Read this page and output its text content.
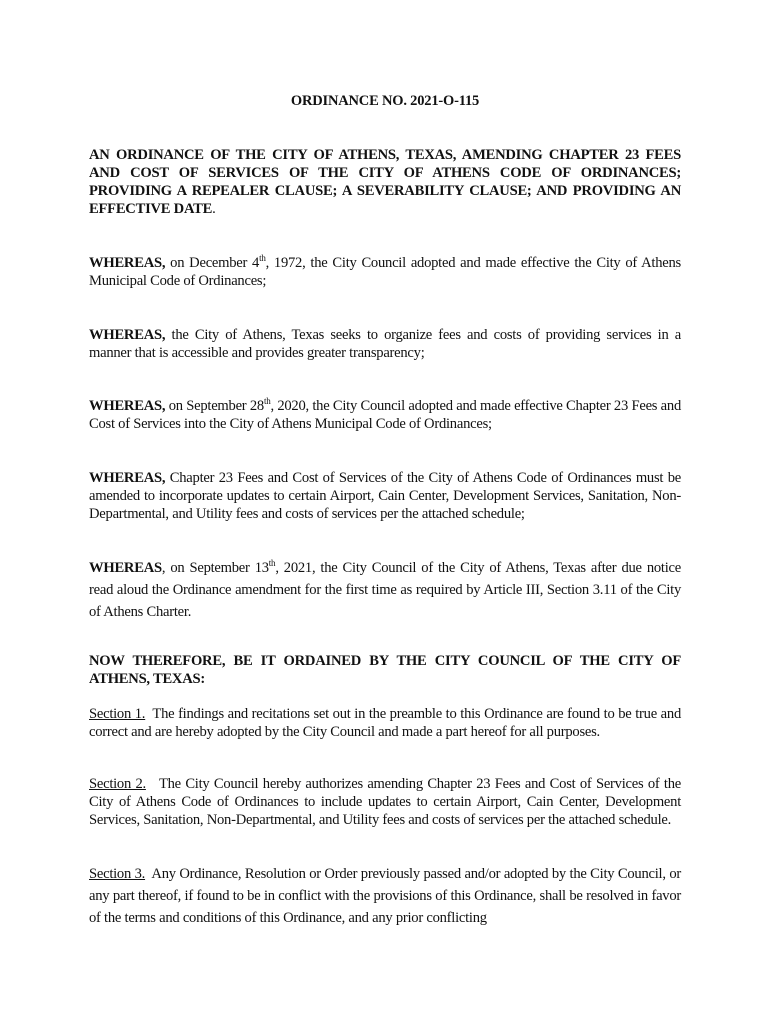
ORDINANCE NO. 2021-O-115
AN ORDINANCE OF THE CITY OF ATHENS, TEXAS, AMENDING CHAPTER 23 FEES AND COST OF SERVICES OF THE CITY OF ATHENS CODE OF ORDINANCES; PROVIDING A REPEALER CLAUSE; A SEVERABILITY CLAUSE; AND PROVIDING AN EFFECTIVE DATE.
WHEREAS, on December 4th, 1972, the City Council adopted and made effective the City of Athens Municipal Code of Ordinances;
WHEREAS, the City of Athens, Texas seeks to organize fees and costs of providing services in a manner that is accessible and provides greater transparency;
WHEREAS, on September 28th, 2020, the City Council adopted and made effective Chapter 23 Fees and Cost of Services into the City of Athens Municipal Code of Ordinances;
WHEREAS, Chapter 23 Fees and Cost of Services of the City of Athens Code of Ordinances must be amended to incorporate updates to certain Airport, Cain Center, Development Services, Sanitation, Non-Departmental, and Utility fees and costs of services per the attached schedule;
WHEREAS, on September 13th, 2021, the City Council of the City of Athens, Texas after due notice read aloud the Ordinance amendment for the first time as required by Article III, Section 3.11 of the City of Athens Charter.
NOW THEREFORE, BE IT ORDAINED BY THE CITY COUNCIL OF THE CITY OF ATHENS, TEXAS:
Section 1.  The findings and recitations set out in the preamble to this Ordinance are found to be true and correct and are hereby adopted by the City Council and made a part hereof for all purposes.
Section 2.   The City Council hereby authorizes amending Chapter 23 Fees and Cost of Services of the City of Athens Code of Ordinances to include updates to certain Airport, Cain Center, Development Services, Sanitation, Non-Departmental, and Utility fees and costs of services per the attached schedule.
Section 3.  Any Ordinance, Resolution or Order previously passed and/or adopted by the City Council, or any part thereof, if found to be in conflict with the provisions of this Ordinance, shall be resolved in favor of the terms and conditions of this Ordinance, and any prior conflicting
